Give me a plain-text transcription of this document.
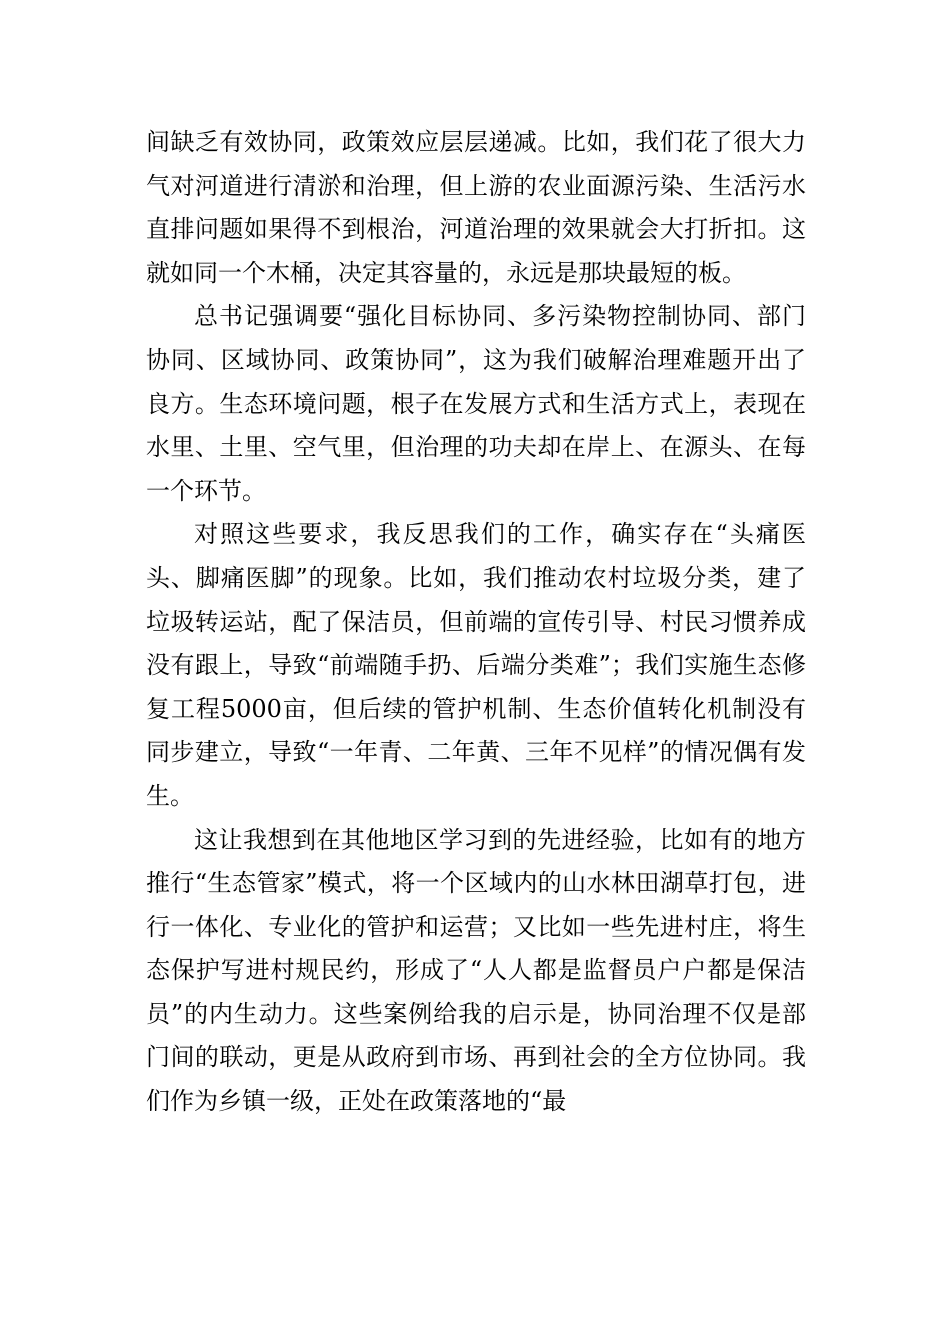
间缺乏有效协同，政策效应层层递减。比如，我们花了很大力气对河道进行清淤和治理，但上游的农业面源污染、生活污水直排问题如果得不到根治，河道治理的效果就会大打折扣。这就如同一个木桶，决定其容量的，永远是那块最短的板。

总书记强调要“强化目标协同、多污染物控制协同、部门协同、区域协同、政策协同”，这为我们破解治理难题开出了良方。生态环境问题，根子在发展方式和生活方式上，表现在水里、土里、空气里，但治理的功夫却在岸上、在源头、在每一个环节。

对照这些要求，我反思我们的工作，确实存在“头痛医头、脚痛医脚”的现象。比如，我们推动农村垃圾分类，建了垃圾转运站，配了保洁员，但前端的宣传引导、村民习惯养成没有跟上，导致“前端随手扔、后端分类难”；我们实施生态修复工程5000亩，但后续的管护机制、生态价值转化机制没有同步建立，导致“一年青、二年黄、三年不见样”的情况偶有发生。

这让我想到在其他地区学习到的先进经验，比如有的地方推行“生态管家”模式，将一个区域内的山水林田湖草打包，进行一体化、专业化的管护和运营；又比如一些先进村庄，将生态保护写进村规民约，形成了“人人都是监督员户户都是保洁员”的内生动力。这些案例给我的启示是，协同治理不仅是部门间的联动，更是从政府到市场、再到社会的全方位协同。我们作为乡镇一级，正处在政策落地的“最
